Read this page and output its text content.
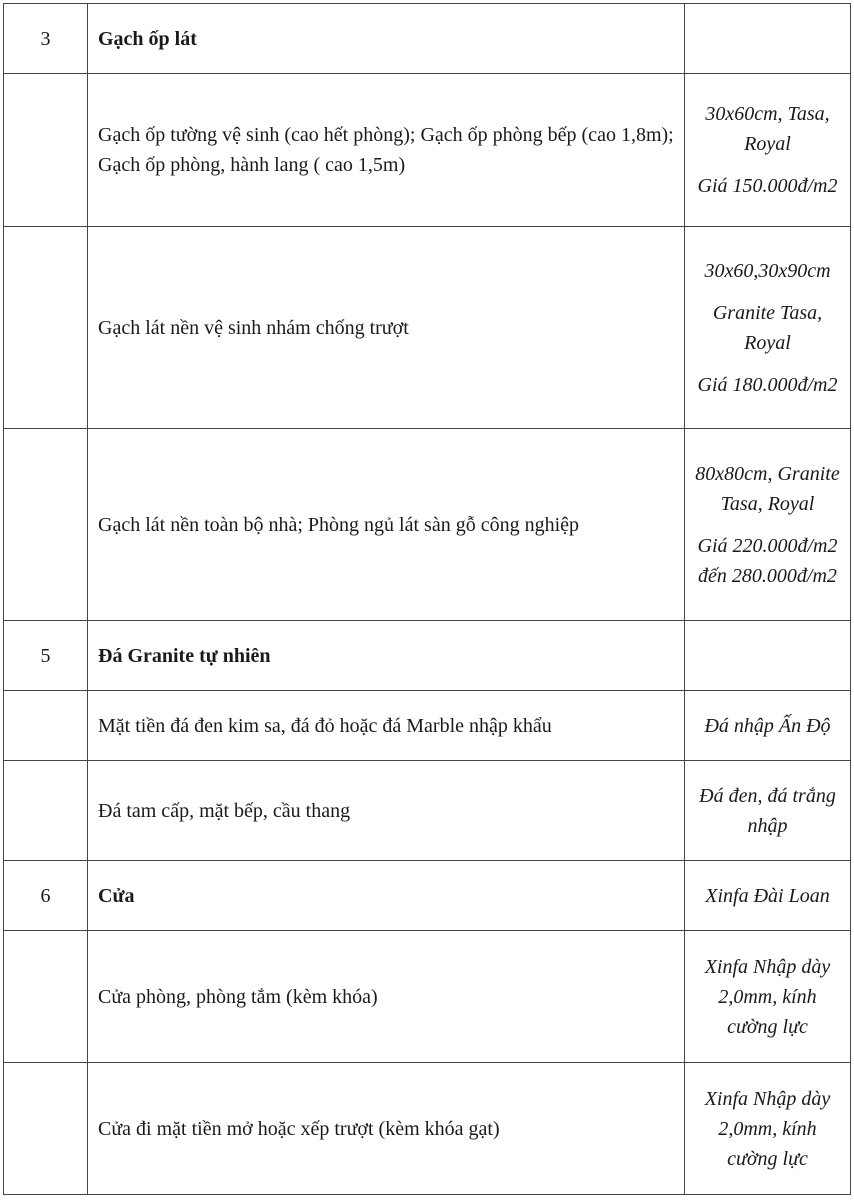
3	Gạch ốp lát	
	Gạch ốp tường vệ sinh (cao hết phòng); Gạch ốp phòng bếp (cao 1,8m); Gạch ốp phòng, hành lang ( cao 1,5m)	30x60cm, Tasa, Royal
Giá 150.000đ/m2

	Gạch lát nền vệ sinh nhám chống trượt	30x60,30x90cm
Granite Tasa, Royal
Giá 180.000đ/m2

	Gạch lát nền toàn bộ nhà; Phòng ngủ lát sàn gỗ công nghiệp	80x80cm, Granite Tasa, Royal
Giá 220.000đ/m2 đến 280.000đ/m2

5	Đá Granite tự nhiên	
	Mặt tiền đá đen kim sa, đá đỏ hoặc đá Marble nhập khẩu	Đá nhập Ấn Độ

	Đá tam cấp, mặt bếp, cầu thang	Đá đen, đá trắng nhập

6	Cửa	Xinfa Đài Loan

	Cửa phòng, phòng tắm (kèm khóa)	Xinfa Nhập dày 2,0mm, kính cường lực

	Cửa đi mặt tiền mở hoặc xếp trượt (kèm khóa gạt)	Xinfa Nhập dày 2,0mm, kính cường lực
